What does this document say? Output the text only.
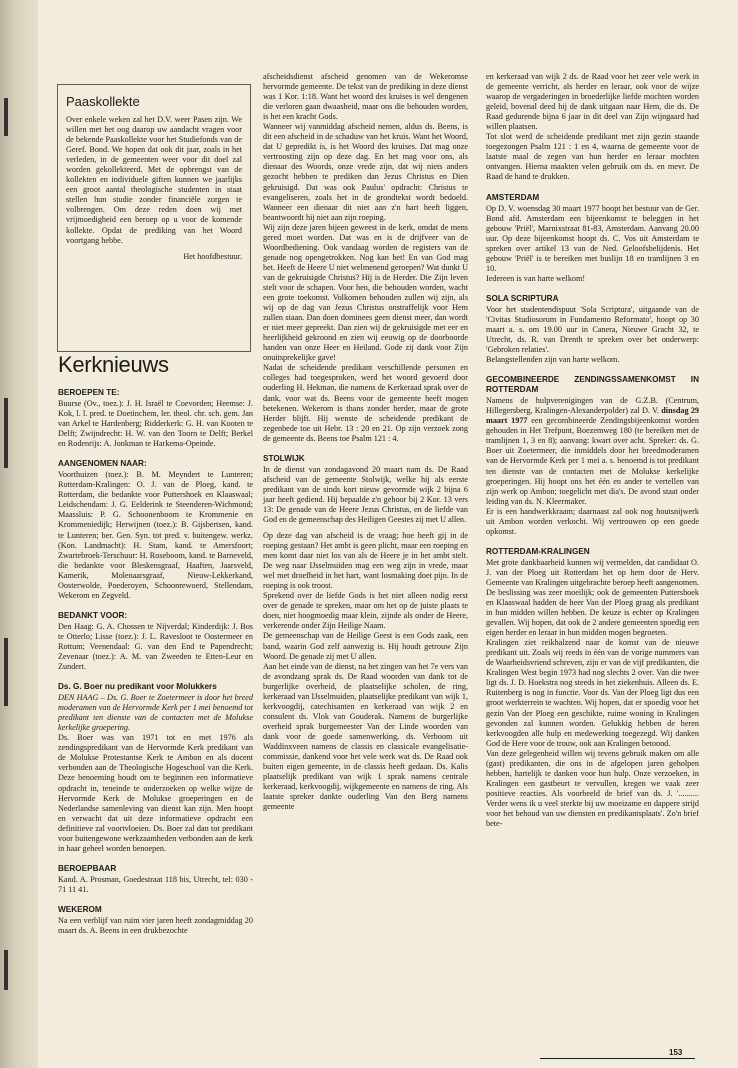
Paaskollekte
Over enkele weken zal het D.V. weer Pasen zijn. We willen met het oog daarop uw aandacht vragen voor de bekende Paaskollekte voor het Studiefonds van de Geref. Bond. We hopen dat ook dit jaar, zoals in het verleden, in de gemeenten weer voor dit doel zal worden gekollekteerd. Met de opbrengst van de kollekten en individuele giften kunnen we jaarlijks een groot aantal theologische studenten in staat stellen hun studie zonder financiële zorgen te volbrengen. Om deze reden doen wij met vrijmoedigheid een beroep op u voor de komende kollekte. Opdat de prediking van het Woord voortgang hebbe.
Het hoofdbestuur.
Kerknieuws
BEROEPEN TE:

Buurse (Ov., toez.): J. H. Israël te Coevorden; Heemse: J. Kok, l. l. pred. te Doetinchem, ler. theol. chr. sch. gem. Jan van Arkel te Hardenberg; Ridderkerk: G. H. van Kooten te Delft; Zwijndrecht: H. W. van den Toorn te Delft; Berkel en Rodenrijs: A. Jonkman te Harkema-Opeinde.

AANGENOMEN NAAR:

Voorthuizen (toez.): B. M. Meyndert te Lunteren; Rotterdam-Kralingen: O. J. van de Ploeg, kand. te Rotterdam, die bedankte voor Puttershoek en Klaaswaal; Leidschendam: J. G. Eelderink te Steenderen-Wichmond; Maassluis: P. G. Schoonenboom te Krommenie en Krommeniedijk; Herwijnen (toez.): B. Gijsbertsen, kand. te Lunteren; ber. Gen. Syn. tot pred. v. buitengew. werkz. (Kon. Landmacht): H. Stam, kand. te Amersfoort; Zwartebroek-Terschuur: H. Roseboom, kand. te Barneveld, die bedankte voor Bleskensgraaf, Haaften, Jaarsveld, Kamerik, Molenaarsgraaf, Nieuw-Lekkerkand, Oosterwolde, Poederoyen, Schoonrewoerd, Stellendam, Wekerom en Zegveld.

BEDANKT VOOR:

Den Haag: G. A. Chossen te Nijverdal; Kinderdijk: J. Bos te Otterlo; Lisse (toez.): J. L. Ravesloot te Oostermeer en Rottum; Veenendaal: G. van den End te Papendrecht; Zevenaar (toez.): A. M. van Zweeden te Etten-Leur en Zundert.

Ds. G. Boer nu predikant voor Molukkers

DEN HAAG – Ds. G. Boer te Zoetermeer is door het breed moderamen van de Hervormde Kerk per 1 mei benoemd tot predikant ten dienste van de contacten met de Molukse kerkelijke groepering.

Ds. Boer was van 1971 tot en met 1976 als zendingspredikant van de Hervormde Kerk predikant van de Molukse Protestantse Kerk te Ambon en als docent verbonden aan de Theologische Hogeschool van die Kerk. Deze benoeming houdt om te beginnen een informatieve opdracht in, teneinde te onderzoeken op welke wijze de Hervormde Kerk de Molukse groeperingen en de Nederlandse samenleving van dienst kan zijn. Men hoopt en verwacht dat uit deze informatieve opdracht een definitieve zal voortvloeien. Ds. Boer zal dan tot predikant voor buitengewone werkzaamheden verbonden aan de kerk in haar geheel worden benoepen.

BEROEPBAAR

Kand. A. Prosman, Goedestraat 118 bis, Utrecht, tel: 030 - 71 11 41.

WEKEROM

Na een verblijf van ruim vier jaren heeft zondagmiddag 20 maart ds. A. Beens in een drukbezochte

afscheidsdienst afscheid genomen van de Wekeromse hervormde gemeente. De tekst van de prediking in deze dienst was 1 Kor. 1:18. Want het woord des kruises is wel dengenen die verloren gaan dwaasheid, maar ons die behouden worden, is het een kracht Gods.

Wanneer wij vanmiddag afscheid nemen, aldus ds. Beens, is dit een afscheid in de schaduw van het kruis. Want het Woord, dat U gepredikt is, is het Woord des kruises. Dat mag onze vertroosting zijn op deze dag. En het mag voor ons, als dienaar des Woords, onze vrede zijn, dat wij niets anders gezocht hebben te prediken dan Jezus Christus en Dien gekruisigd. Dat was ook Paulus' opdracht: Christus te evangeliseren, zoals het in de grondtekst wordt bedoeld. Wanneer een dienaar dit niet aan z'n hart heeft liggen, beantwoordt hij niet aan zijn roeping.

Wij zijn deze jaren bijeen geweest in de kerk, omdat de mens gered moet worden. Dat was en is de drijfveer van de Woordbediening. Ook vandaag worden de registers van de genade nog opengetrokken. Nog kan het! En van God mag het. Heeft de Heere U niet welmenend geroepen? Wat dunkt U van de gekruisigde Christus? Hij is de Herder. Die Zijn leven stelt voor de schapen. Voor hen, die behouden worden, wacht een grote toekomst. Volkomen behouden zullen wij zijn, als wij op de dag van Jezus Christus onstraffelijk voor Hem zullen staan. Dan doen dominees geen dienst meer, dan wordt er niet meer gepreekt. Dan zien wij de gekruisigde met eer en heerlijkheid gekroond en zien wij eeuwig op de doorboorde handen van onze Heer en Heiland. Gode zij dank voor Zijn onuitsprekelijke gave!

Nadat de scheidende predikant verschillende personen en colleges had toegesproken, werd het woord gevoerd door ouderling H. Hekman, die namens de Kerkeraad sprak over de dank, voor wat ds. Beens voor de gemeente heeft mogen betekenen. Wekerom is thans zonder herder, maar de grote Herder blijft. Hij wenste de scheidende predikant de zegenbede toe uit Hebr. 13 : 20 en 21. Op zijn verzoek zong de gemeente ds. Beens toe Psalm 121 : 4.

STOLWIJK

In de dienst van zondagavond 20 maart nam ds. De Raad afscheid van de gemeente Stolwijk, welke hij als eerste predikant van de sinds kort nieuw gevormde wijk 2 bijna 6 jaar heeft gediend. Hij bepaalde z'n gehoor bij 2 Kor. 13 vers 13: De genade van de Heere Jezus Christus, en de liefde van God en de gemeenschap des Heiligen Geestes zij met U allen.

Op deze dag van afscheid is de vraag; hoe heeft gij in de roeping gestaan? Het ambt is geen plicht, maar een roeping en men komt daar niet los van als de Heere je in het ambt stelt. De weg naar IJsselmuiden mag een weg zijn in vrede, maar wel met droefheid in het hart, want losmaking doet pijn. In de roeping is ook troost.

Sprekend over de liefde Gods is het niet alleen nodig eerst over de genade te spreken, maar om het op de juiste plaats te doen, niet hoogmoedig maar klein, zijnde als onder de Heere, verkerende onder Zijn Heilige Naam.

De gemeenschap van de Heilige Geest is een Gods zaak, een band, waarin God zelf aanwezig is. Hij houdt getrouw Zijn Woord. De genade zij met U allen.

Aan het einde van de dienst, na het zingen van het 7e vers van de avondzang sprak ds. De Raad woorden van dank tot de burgerlijke overheid, de plaatselijke scholen, de ring, kerkeraad van IJsselmuiden, plaatselijke predikant van wijk 1, kerkvoogdij, catechisanten en kerkeraad van wijk 2 en consulent ds. Vlok van Gouderak. Namens de burgerlijke overheid sprak burgemeester Van der Linde woorden van dank voor de goede samenwerking, ds. Verboom uit Waddinxveen namens de classis en classicale evangelisatie-commissie, dankend voor het vele werk wat ds. De Raad ook buiten eigen gemeente, in de classis heeft gedaan. Ds. Kalis plaatselijk predikant van wijk 1 sprak namens centrale kerkeraad, kerkvoogdij, wijkgemeente en namens de ring. Als laatste spreker dankte ouderling Van den Berg namens gemeente

en kerkeraad van wijk 2 ds. de Raad voor het zeer vele werk in de gemeente verricht, als herder en leraar, ook voor de wijze waarop de vergaderingen in broederlijke liefde mochten worden geleid, bovenal deed hij de dank uitgaan naar Hem, die ds. De Raad gedurende bijna 6 jaar in dit deel van Zijn wijngaard had willen plaatsen.

Tot slot werd de scheidende predikant met zijn gezin staande toegezongen Psalm 121 : 1 en 4, waarna de gemeente voor de laatste maal de zegen van hun herder en leraar mochten ontvangen. Hierna maakten velen gebruik om ds. en mevr. De Raad de hand te drukken.

AMSTERDAM

Op D. V. woensdag 30 maart 1977 hoopt het bestuur van de Ger. Bond afd. Amsterdam een bijeenkomst te beleggen in het gebouw 'Priël', Marnixstraat 81-83, Amsterdam. Aanvang 20.00 uur. Op deze bijeenkomst hoopt ds. C. Vos uit Amsterdam te spreken over artikel 13 van de Ned. Geloofsbelijdenis. Het gebouw 'Priël' is te bereiken met buslijn 18 en tramlijnen 3 en 10.

Iedereen is van harte welkom!

SOLA SCRIPTURA

Voor het studentendispuut 'Sola Scriptura', uitgaande van de 'Civitas Studiosorum in Fundamento Reformato', hoopt op 30 maart a. s. om 19.00 uur in Canera, Nieuwe Gracht 32, te Utrecht, ds. R. van Drenth te spreken over het onderwerp: 'Gebroken relaties'.

Belangstellenden zijn van harte welkom.

GECOMBINEERDE ZENDINGSSAMENKOMST IN ROTTERDAM

Namens de hulpverenigingen van de G.Z.B. (Centrum, Hillegersberg, Kralingen-Alexanderpolder) zal D. V. dinsdag 29 maart 1977 een gecombineerde Zendingsbijeenkomst worden gehouden in Het Trefpunt, Boezemweg 180 (te bereiken met de tramlijnen 1, 3 en 8); aanvang: kwart over acht. Spreker: ds. G. Boer uit Zoetermeer, die inmiddels door het breedmoderamen van de Hervormde Kerk per 1 mei a. s. benoemd is tot predikant ten dienste van de contacten met de Molukse kerkelijke groeperingen. Hij hoopt ons het één en ander te vertellen van zijn werk op Ambon; toegelicht met dia's. De avond staat onder leiding van ds. N. Kleermaker.

Er is een handwerkkraam; daarnaast zal ook nog houtsnijwerk uit Ambon worden verkocht. Wij vertrouwen op een goede opkomst.

ROTTERDAM-KRALINGEN

Met grote dankbaarheid kunnen wij vermelden, dat candidaat O. J. van der Ploeg uit Rotterdam het op hem door de Herv. Gemeente van Kralingen uitgebrachte beroep heeft aangenomen. De beslissing was zeer moeilijk; ook de gemeenten Puttershoek en Klaaswaal hadden de heer Van der Ploeg graag als predikant in hun midden willen hebben. De keuze is echter op Kralingen gevallen. Wij hopen, dat ook de 2 andere gemeenten spoedig een eigen herder en leraar in hun midden mogen begroeten.

Kralingen ziet reikhalzend naar de komst van de nieuwe predikant uit. Zoals wij reeds in één van de vorige nummers van de Waarheidsvriend schreven, zijn er van de vijf predikanten, die Kralingen West begin 1973 had nog slechts 2 over. Van die twee ligt ds. J. D. Hoekstra nog steeds in het ziekenhuis. Alleen ds. E. Ruitenberg is nog in functie. Voor ds. Van der Ploeg ligt dus een groot werkterrein te wachten. Wij hopen, dat er spoedig voor het gezin Van der Ploeg een geschikte, ruime woning in Kralingen gevonden zal kunnen worden. Gelukkig hebben de heren kerkvoogden alle hulp en medewerking toegezegd. Wij danken God de Here voor de trouw, ook aan Kralingen betoond.

Van deze gelegenheid willen wij tevens gebruik maken om alle (gast) predikanten, die ons in de afgelopen jaren geholpen hebben, hartelijk te danken voor hun hulp. Onze verzoeken, in Kralingen een gastbeurt te vervullen, kregen we vaak zeer positieve reacties. Als voorbeeld de brief van ds. J. '.......... Verder wens ik u veel sterkte bij uw moeizame en dappere strijd voor het behoud van uw diensten en predikantsplaats'. Zo'n brief bete-

153
